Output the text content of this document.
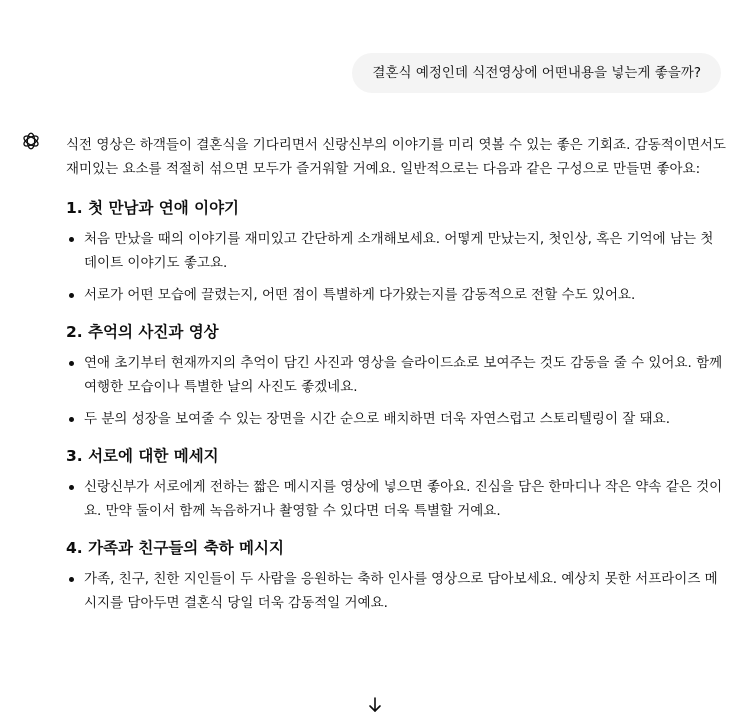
결혼식 예정인데 식전영상에 어떤내용을 넣는게 좋을까?

식전 영상은 하객들이 결혼식을 기다리면서 신랑신부의 이야기를 미리 엿볼 수 있는 좋은 기회죠. 감동적이면서도 재미있는 요소를 적절히 섞으면 모두가 즐거워할 거예요. 일반적으로는 다음과 같은 구성으로 만들면 좋아요:

1. 첫 만남과 연애 이야기
처음 만났을 때의 이야기를 재미있고 간단하게 소개해보세요. 어떻게 만났는지, 첫인상, 혹은 기억에 남는 첫 데이트 이야기도 좋고요.
서로가 어떤 모습에 끌렸는지, 어떤 점이 특별하게 다가왔는지를 감동적으로 전할 수도 있어요.
2. 추억의 사진과 영상
연애 초기부터 현재까지의 추억이 담긴 사진과 영상을 슬라이드쇼로 보여주는 것도 감동을 줄 수 있어요. 함께 여행한 모습이나 특별한 날의 사진도 좋겠네요.
두 분의 성장을 보여줄 수 있는 장면을 시간 순으로 배치하면 더욱 자연스럽고 스토리텔링이 잘 돼요.
3. 서로에 대한 메세지
신랑신부가 서로에게 전하는 짧은 메시지를 영상에 넣으면 좋아요. 진심을 담은 한마디나 작은 약속 같은 것이요. 만약 둘이서 함께 녹음하거나 촬영할 수 있다면 더욱 특별할 거예요.
4. 가족과 친구들의 축하 메시지
가족, 친구, 친한 지인들이 두 사람을 응원하는 축하 인사를 영상으로 담아보세요. 예상치 못한 서프라이즈 메시지를 담아두면 결혼식 당일 더욱 감동적일 거예요.
